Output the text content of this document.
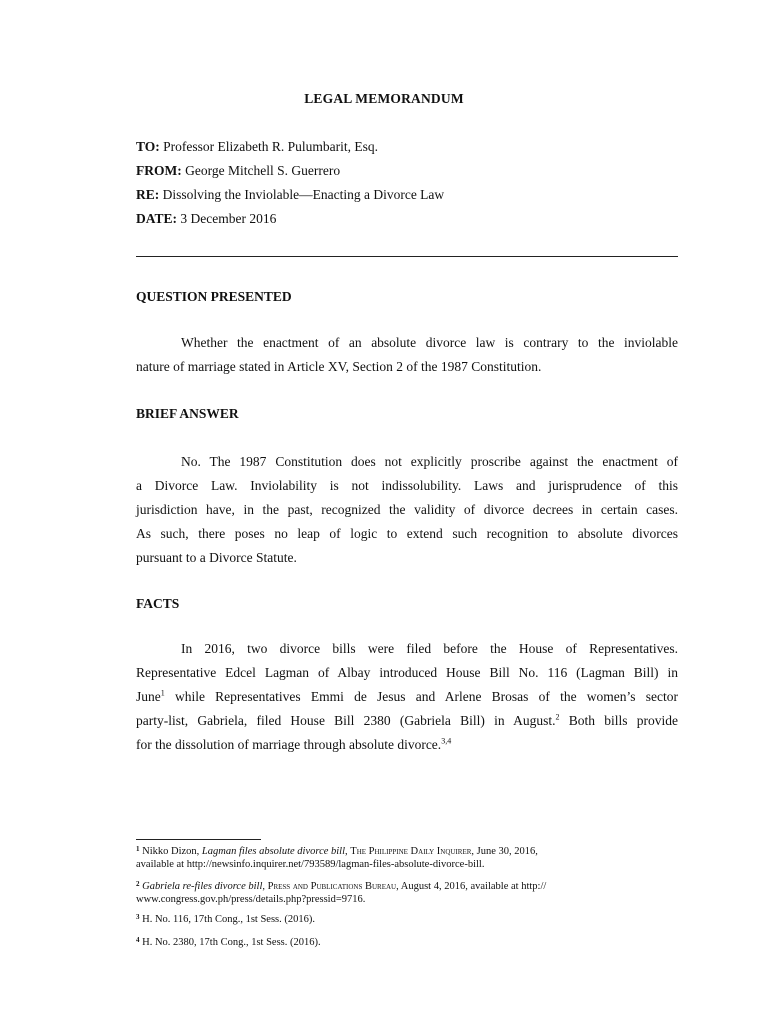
LEGAL MEMORANDUM
TO: Professor Elizabeth R. Pulumbarit, Esq.
FROM: George Mitchell S. Guerrero
RE: Dissolving the Inviolable—Enacting a Divorce Law
DATE: 3 December 2016
QUESTION PRESENTED
Whether the enactment of an absolute divorce law is contrary to the inviolable
nature of marriage stated in Article XV, Section 2 of the 1987 Constitution.
BRIEF ANSWER
No. The 1987 Constitution does not explicitly proscribe against the enactment of
a Divorce Law. Inviolability is not indissolubility. Laws and jurisprudence of this
jurisdiction have, in the past, recognized the validity of divorce decrees in certain cases.
As such, there poses no leap of logic to extend such recognition to absolute divorces
pursuant to a Divorce Statute.
FACTS
In 2016, two divorce bills were filed before the House of Representatives.
Representative Edcel Lagman of Albay introduced House Bill No. 116 (Lagman Bill) in
June$^1$ while Representatives Emmi de Jesus and Arlene Brosas of the women’s sector
party-list, Gabriela, filed House Bill 2380 (Gabriela Bill) in August.$^2$ Both bills provide
for the dissolution of marriage through absolute divorce.$^{3,4}$
$^1$ Nikko Dizon, Lagman files absolute divorce bill, The Philippine Daily Inquirer, June 30, 2016,
available at http://newsinfo.inquirer.net/793589/lagman-files-absolute-divorce-bill.
$^2$ Gabriela re-files divorce bill, Press and Publications Bureau, August 4, 2016, available at http://
www.congress.gov.ph/press/details.php?pressid=9716.
$^3$ H. No. 116, 17th Cong., 1st Sess. (2016).
$^4$ H. No. 2380, 17th Cong., 1st Sess. (2016).
